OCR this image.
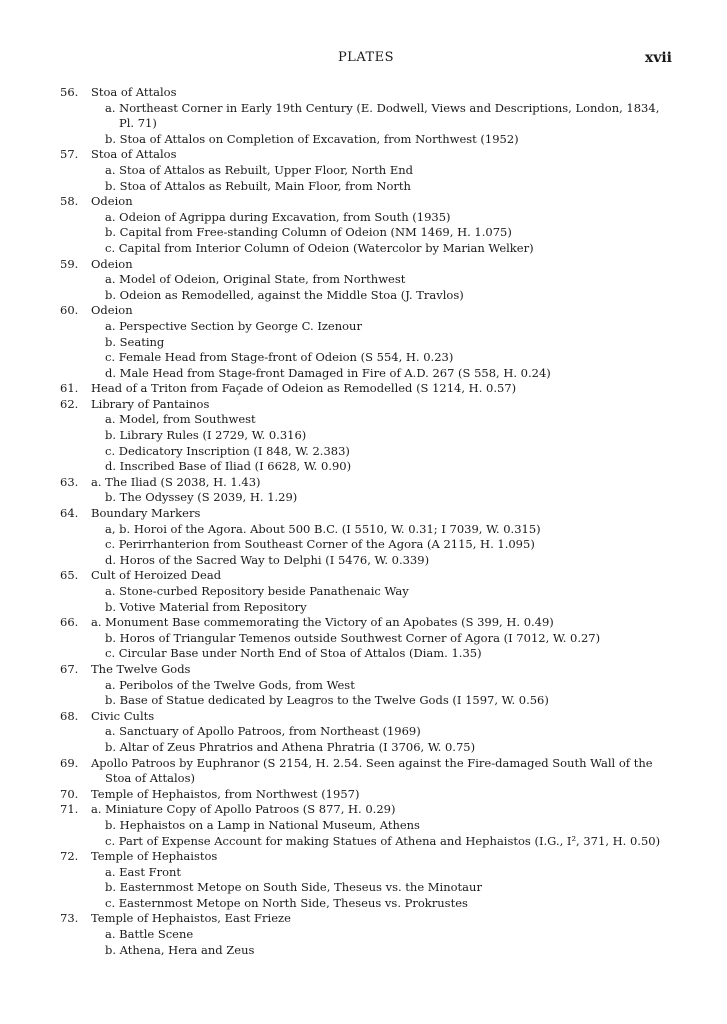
PLATES	xvii
56.	Stoa of Attalos
a. Northeast Corner in Early 19th Century (E. Dodwell, Views and Descriptions, London, 1834, Pl. 71)
b. Stoa of Attalos on Completion of Excavation, from Northwest (1952)
57.	Stoa of Attalos
a. Stoa of Attalos as Rebuilt, Upper Floor, North End
b. Stoa of Attalos as Rebuilt, Main Floor, from North
58.	Odeion
a. Odeion of Agrippa during Excavation, from South (1935)
b. Capital from Free-standing Column of Odeion (NM 1469, H. 1.075)
c. Capital from Interior Column of Odeion (Watercolor by Marian Welker)
59.	Odeion
a. Model of Odeion, Original State, from Northwest
b. Odeion as Remodelled, against the Middle Stoa (J. Travlos)
60.	Odeion
a. Perspective Section by George C. Izenour
b. Seating
c. Female Head from Stage-front of Odeion (S 554, H. 0.23)
d. Male Head from Stage-front Damaged in Fire of A.D. 267 (S 558, H. 0.24)
61.	Head of a Triton from Façade of Odeion as Remodelled (S 1214, H. 0.57)
62.	Library of Pantainos
a. Model, from Southwest
b. Library Rules (I 2729, W. 0.316)
c. Dedicatory Inscription (I 848, W. 2.383)
d. Inscribed Base of Iliad (I 6628, W. 0.90)
63.	a. The Iliad (S 2038, H. 1.43)
b. The Odyssey (S 2039, H. 1.29)
64.	Boundary Markers
a, b. Horoi of the Agora. About 500 B.C. (I 5510, W. 0.31; I 7039, W. 0.315)
c. Perirrhanterion from Southeast Corner of the Agora (A 2115, H. 1.095)
d. Horos of the Sacred Way to Delphi (I 5476, W. 0.339)
65.	Cult of Heroized Dead
a. Stone-curbed Repository beside Panathenaic Way
b. Votive Material from Repository
66.	a. Monument Base commemorating the Victory of an Apobates (S 399, H. 0.49)
b. Horos of Triangular Temenos outside Southwest Corner of Agora (I 7012, W. 0.27)
c. Circular Base under North End of Stoa of Attalos (Diam. 1.35)
67.	The Twelve Gods
a. Peribolos of the Twelve Gods, from West
b. Base of Statue dedicated by Leagros to the Twelve Gods (I 1597, W. 0.56)
68.	Civic Cults
a. Sanctuary of Apollo Patroos, from Northeast (1969)
b. Altar of Zeus Phratrios and Athena Phratria (I 3706, W. 0.75)
69.	Apollo Patroos by Euphranor (S 2154, H. 2.54. Seen against the Fire-damaged South Wall of the Stoa of Attalos)
70.	Temple of Hephaistos, from Northwest (1957)
71.	a. Miniature Copy of Apollo Patroos (S 877, H. 0.29)
b. Hephaistos on a Lamp in National Museum, Athens
c. Part of Expense Account for making Statues of Athena and Hephaistos (I.G., I², 371, H. 0.50)
72.	Temple of Hephaistos
a. East Front
b. Easternmost Metope on South Side, Theseus vs. the Minotaur
c. Easternmost Metope on North Side, Theseus vs. Prokrustes
73.	Temple of Hephaistos, East Frieze
a. Battle Scene
b. Athena, Hera and Zeus
